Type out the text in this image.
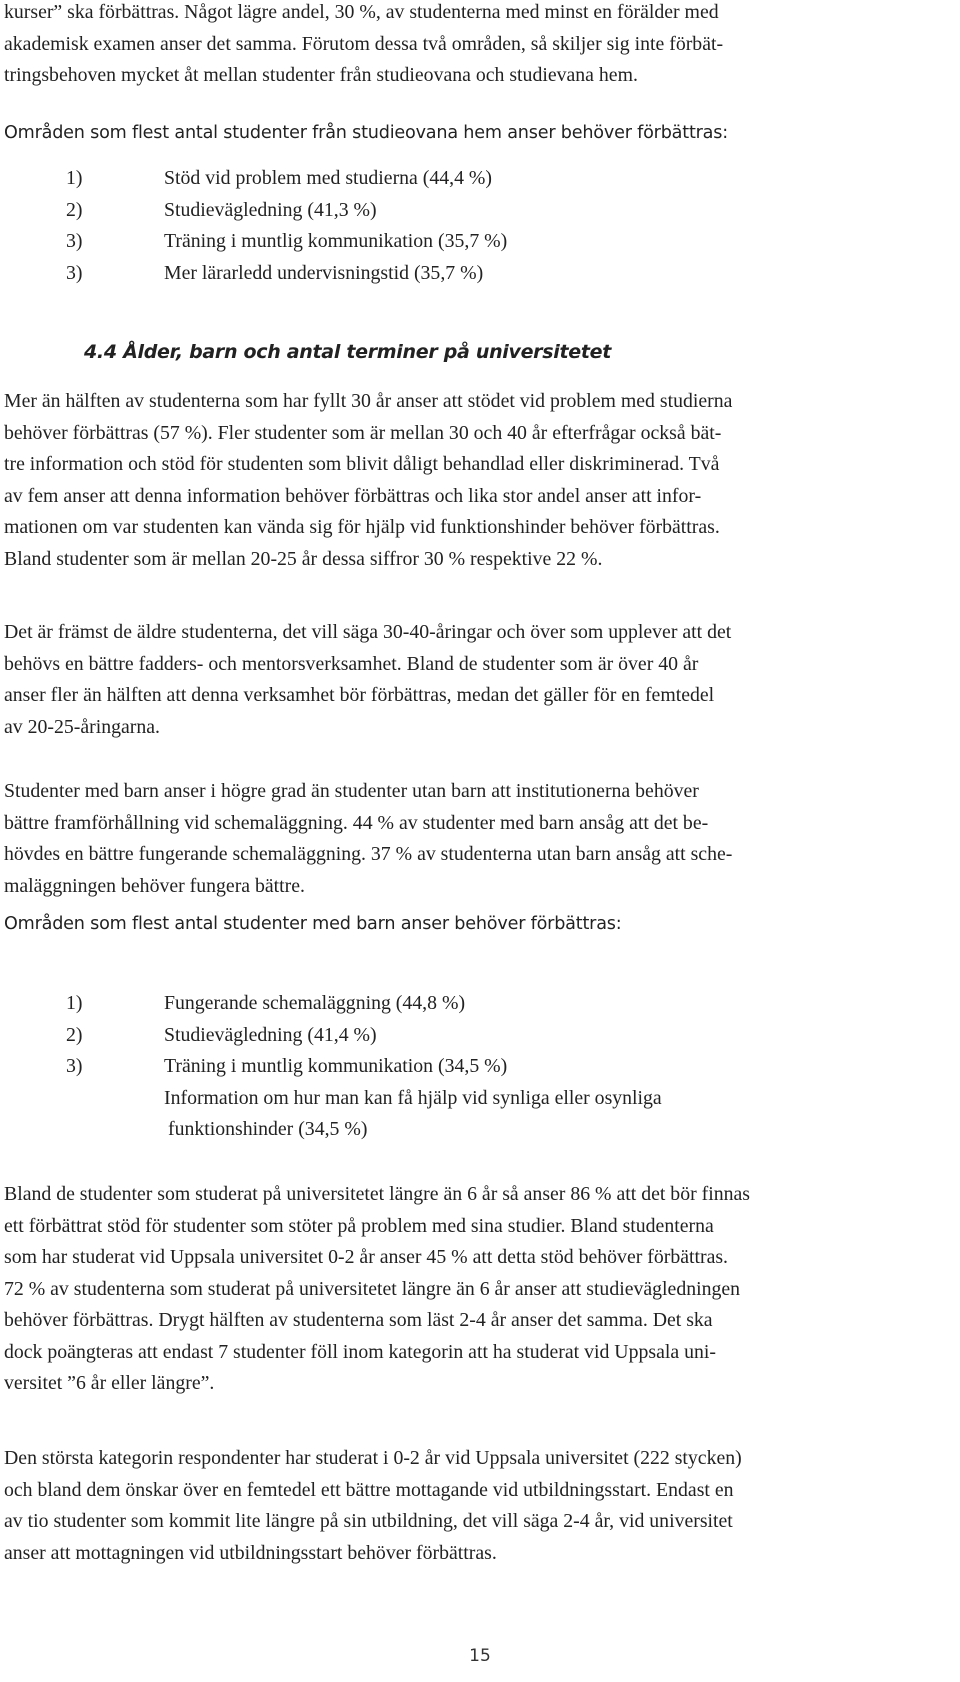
kurser” ska förbättras. Något lägre andel, 30 %, av studenterna med minst en förälder med
akademisk examen anser det samma. Förutom dessa två områden, så skiljer sig inte förbät-
tringsbehoven mycket åt mellan studenter från studieovana och studievana hem.

Områden som flest antal studenter från studieovana hem anser behöver förbättras:

1)	Stöd vid problem med studierna (44,4 %)
2)	Studievägledning (41,3 %)
3)	Träning i muntlig kommunikation (35,7 %)
3)	Mer lärarledd undervisningstid (35,7 %)
4.4 Ålder, barn och antal terminer på universitetet
Mer än hälften av studenterna som har fyllt 30 år anser att stödet vid problem med studierna
behöver förbättras (57 %). Fler studenter som är mellan 30 och 40 år efterfrågar också bät-
tre information och stöd för studenten som blivit dåligt behandlad eller diskriminerad. Två
av fem anser att denna information behöver förbättras och lika stor andel anser att infor-
mationen om var studenten kan vända sig för hjälp vid funktionshinder behöver förbättras.
Bland studenter som är mellan 20-25 år dessa siffror 30 % respektive 22 %.
Det är främst de äldre studenterna, det vill säga 30-40-åringar och över som upplever att det
behövs en bättre fadders- och mentorsverksamhet. Bland de studenter som är över 40 år
anser fler än hälften att denna verksamhet bör förbättras, medan det gäller för en femtedel
av 20-25-åringarna.
Studenter med barn anser i högre grad än studenter utan barn att institutionerna behöver
bättre framförhållning vid schemaläggning. 44 % av studenter med barn ansåg att det be-
hövdes en bättre fungerande schemaläggning. 37 % av studenterna utan barn ansåg att sche-
maläggningen behöver fungera bättre.

Områden som flest antal studenter med barn anser behöver förbättras:

1)	Fungerande schemaläggning (44,8 %)
2)	Studievägledning (41,4 %)
3)	Träning i muntlig kommunikation (34,5 %)
Information om hur man kan få hjälp vid synliga eller osynliga
funktionshinder (34,5 %)
Bland de studenter som studerat på universitetet längre än 6 år så anser 86 % att det bör finnas
ett förbättrat stöd för studenter som stöter på problem med sina studier. Bland studenterna
som har studerat vid Uppsala universitet 0-2 år anser 45 % att detta stöd behöver förbättras.
72 % av studenterna som studerat på universitetet längre än 6 år anser att studievägledningen
behöver förbättras. Drygt hälften av studenterna som läst 2-4 år anser det samma. Det ska
dock poängteras att endast 7 studenter föll inom kategorin att ha studerat vid Uppsala uni-
versitet ”6 år eller längre”.
Den största kategorin respondenter har studerat i 0-2 år vid Uppsala universitet (222 stycken)
och bland dem önskar över en femtedel ett bättre mottagande vid utbildningsstart. Endast en
av tio studenter som kommit lite längre på sin utbildning, det vill säga 2-4 år, vid universitet
anser att mottagningen vid utbildningsstart behöver förbättras.

15
